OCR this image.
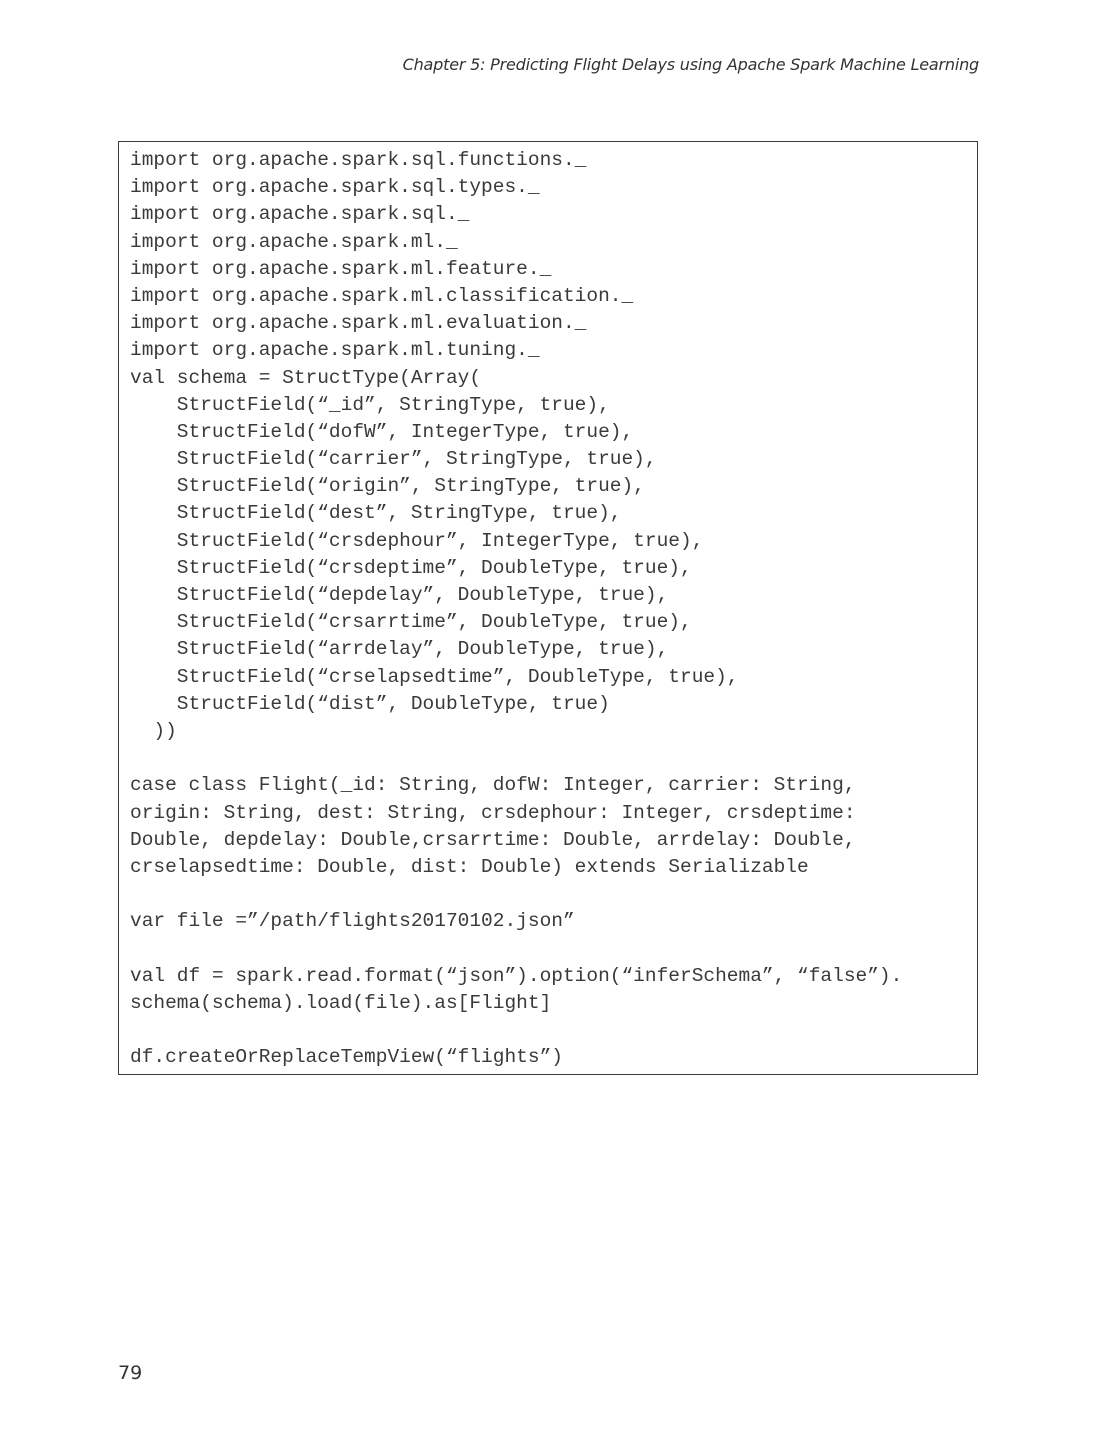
Chapter 5: Predicting Flight Delays using Apache Spark Machine Learning
import org.apache.spark.sql.functions._
import org.apache.spark.sql.types._
import org.apache.spark.sql._
import org.apache.spark.ml._
import org.apache.spark.ml.feature._
import org.apache.spark.ml.classification._
import org.apache.spark.ml.evaluation._
import org.apache.spark.ml.tuning._
val schema = StructType(Array(
StructField(“_id”, StringType, true),
StructField(“dofW”, IntegerType, true),
StructField(“carrier”, StringType, true),
StructField(“origin”, StringType, true),
StructField(“dest”, StringType, true),
StructField(“crsdephour”, IntegerType, true),
StructField(“crsdeptime”, DoubleType, true),
StructField(“depdelay”, DoubleType, true),
StructField(“crsarrtime”, DoubleType, true),
StructField(“arrdelay”, DoubleType, true),
StructField(“crselapsedtime”, DoubleType, true),
StructField(“dist”, DoubleType, true)
))
case class Flight(_id: String, dofW: Integer, carrier: String,
origin: String, dest: String, crsdephour: Integer, crsdeptime:
Double, depdelay: Double,crsarrtime: Double, arrdelay: Double,
crselapsedtime: Double, dist: Double) extends Serializable
var file =”/path/flights20170102.json”
val df = spark.read.format(“json”).option(“inferSchema”, “false”).
schema(schema).load(file).as[Flight]
df.createOrReplaceTempView(“flights”)
79
